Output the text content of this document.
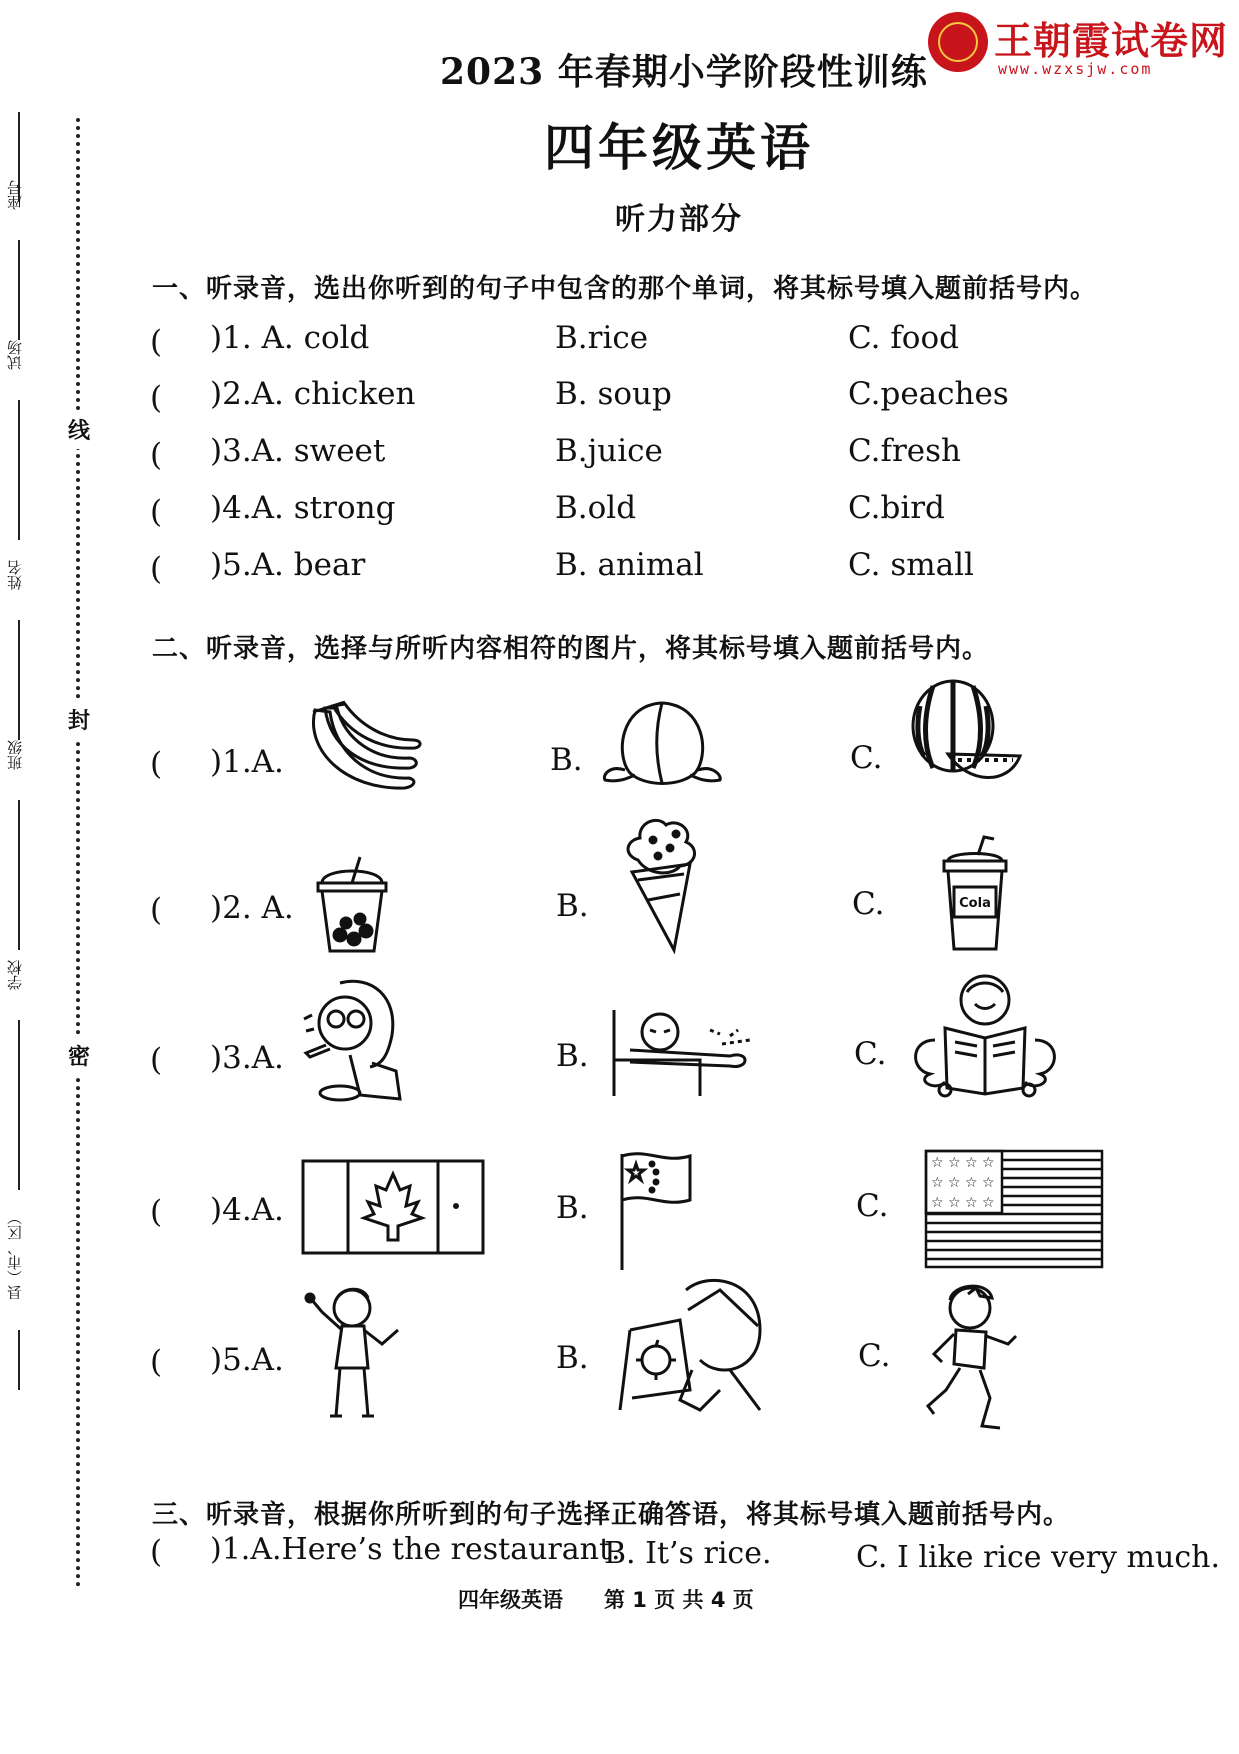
线
封
密
座号
试场
姓名
班级
学校
县（市、区）
王朝霞试卷网
www.wzxsjw.com
2023 年春期小学阶段性训练
四年级英语
听力部分
一、听录音，选出你听到的句子中包含的那个单词，将其标号填入题前括号内。
( )1. A. cold	B.rice	C. food
( )2.A. chicken	B. soup	C.peaches
( )3.A. sweet	B.juice	C.fresh
( )4.A. strong	B.old	C.bird
( )5.A. bear	B. animal	C. small
二、听录音，选择与所听内容相符的图片，将其标号填入题前括号内。
( )1.A.	B.	C.
( )2. A.	B.	C.
( )3.A.	B.	C.
( )4.A.	B.	C.
( )5.A.	B.	C.
Cola
☆ ☆ ☆ ☆
☆ ☆ ☆ ☆
☆ ☆ ☆ ☆
三、听录音，根据你所听到的句子选择正确答语，将其标号填入题前括号内。
( )1.A.Here’s the restaurant.
B. It’s rice.	C. I like rice very much.
四年级英语 第 1 页 共 4 页
